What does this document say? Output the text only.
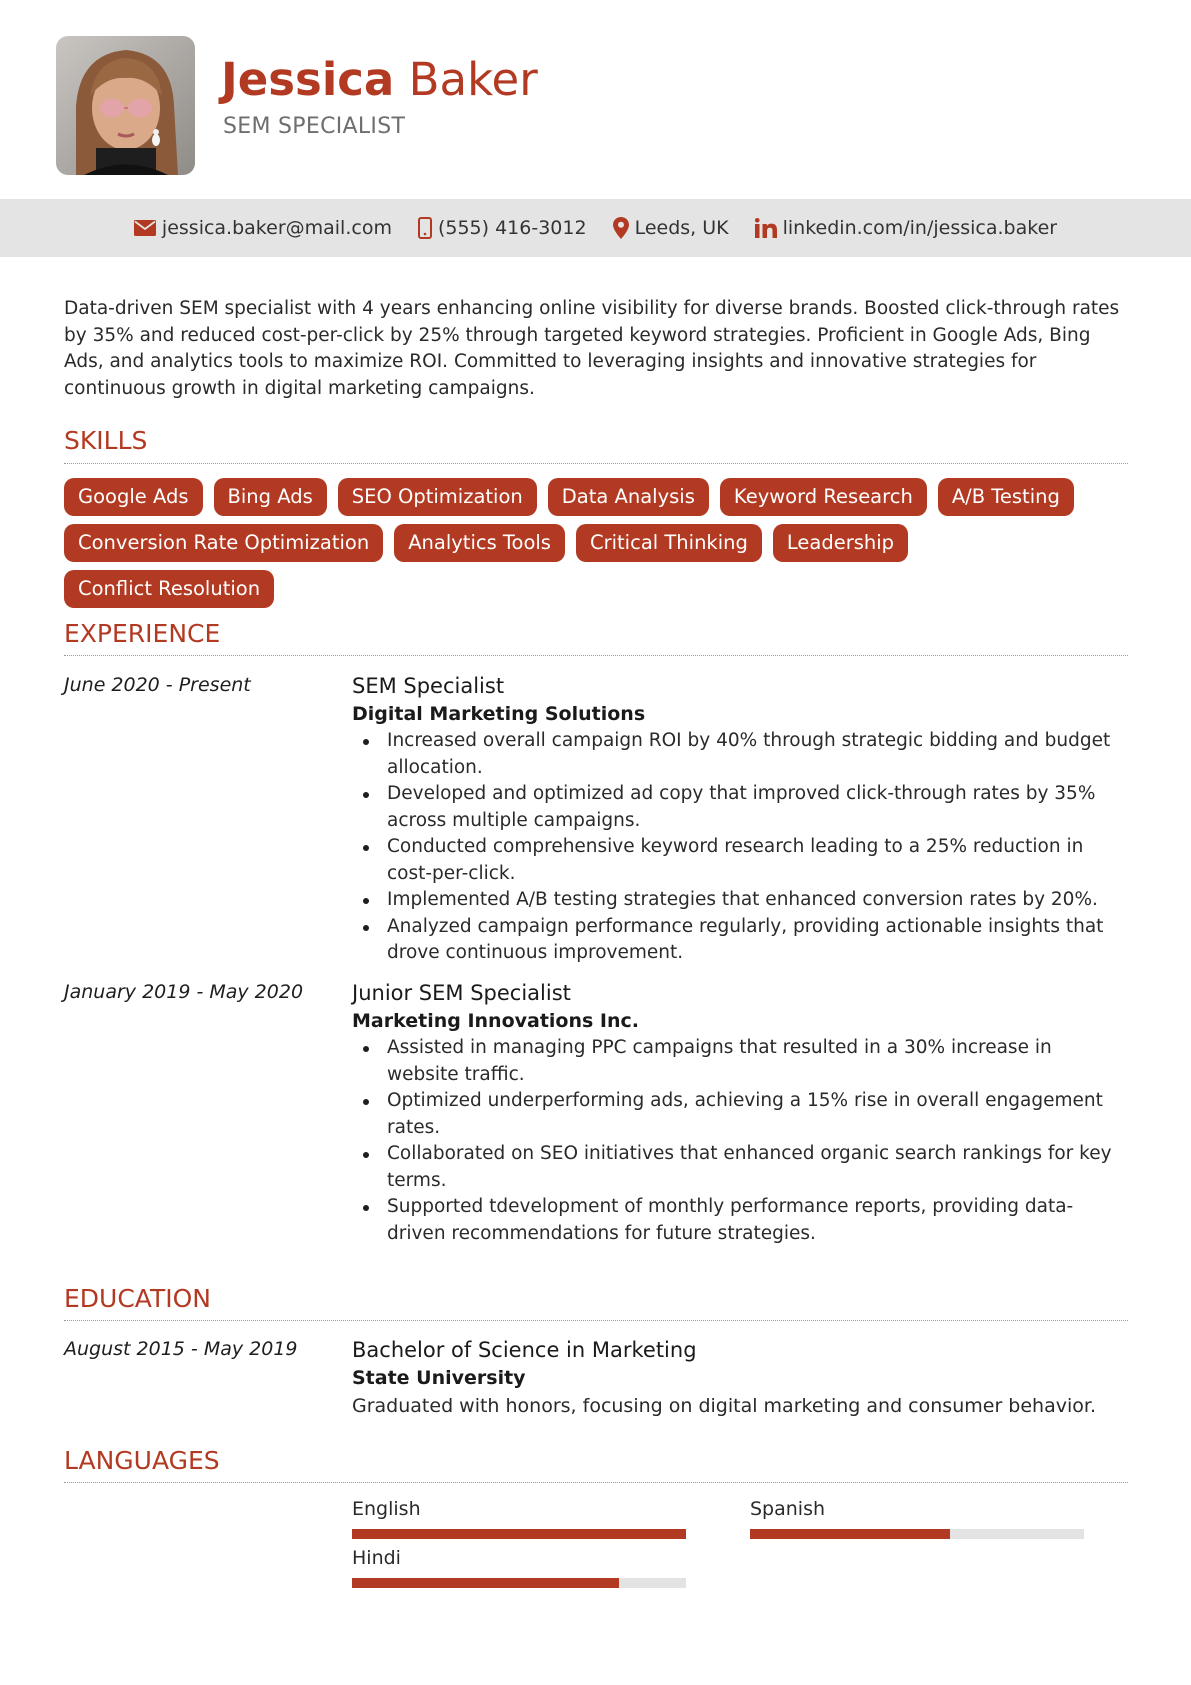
Jessica Baker
SEM SPECIALIST
jessica.baker@mail.com (555) 416-3012	Leeds, UK	linkedin.com/in/jessica.baker

Data-driven SEM specialist with 4 years enhancing online visibility for diverse brands. Boosted click-through rates by 35% and reduced cost-per-click by 25% through targeted keyword strategies. Proficient in Google Ads, Bing Ads, and analytics tools to maximize ROI. Committed to leveraging insights and innovative strategies for continuous growth in digital marketing campaigns.

SKILLS
Google Ads	Bing Ads	SEO Optimization	Data Analysis	Keyword Research	A/B Testing
Conversion Rate Optimization	Analytics Tools	Critical Thinking	Leadership
Conflict Resolution
EXPERIENCE
June 2020 - Present	SEM Specialist
Digital Marketing Solutions
Increased overall campaign ROI by 40% through strategic bidding and budget allocation.
Developed and optimized ad copy that improved click-through rates by 35% across multiple campaigns.
Conducted comprehensive keyword research leading to a 25% reduction in cost-per-click.
Implemented A/B testing strategies that enhanced conversion rates by 20%.
Analyzed campaign performance regularly, providing actionable insights that drove continuous improvement.
January 2019 - May 2020 Junior SEM Specialist
Marketing Innovations Inc.
Assisted in managing PPC campaigns that resulted in a 30% increase in website traffic.
Optimized underperforming ads, achieving a 15% rise in overall engagement rates.
Collaborated on SEO initiatives that enhanced organic search rankings for key terms.
Supported tdevelopment of monthly performance reports, providing data-driven recommendations for future strategies.
EDUCATION
August 2015 - May 2019	Bachelor of Science in Marketing
State University
Graduated with honors, focusing on digital marketing and consumer behavior.
LANGUAGES
English	Spanish
Hindi
